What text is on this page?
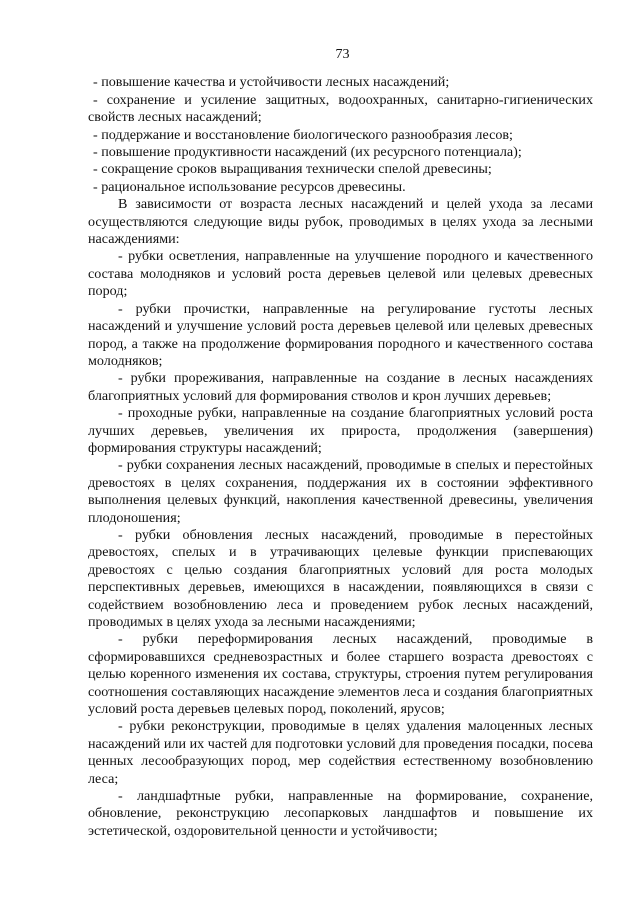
73

- повышение качества и устойчивости лесных насаждений;

- сохранение и усиление защитных, водоохранных, санитарно-гигиенических свойств лесных насаждений;

- поддержание и восстановление биологического разнообразия лесов;

- повышение продуктивности насаждений (их ресурсного потенциала);

- сокращение сроков выращивания технически спелой древесины;

- рациональное использование ресурсов древесины.

В зависимости от возраста лесных насаждений и целей ухода за лесами осуществляются следующие виды рубок, проводимых в целях ухода за лесными насаждениями:

- рубки осветления, направленные на улучшение породного и качественного состава молодняков и условий роста деревьев целевой или целевых древесных пород;

- рубки прочистки, направленные на регулирование густоты лесных насаждений и улучшение условий роста деревьев целевой или целевых древесных пород, а также на продолжение формирования породного и качественного состава молодняков;

- рубки прореживания, направленные на создание в лесных насаждениях благоприятных условий для формирования стволов и крон лучших деревьев;

- проходные рубки, направленные на создание благоприятных условий роста лучших деревьев, увеличения их прироста, продолжения (завершения) формирования структуры насаждений;

- рубки сохранения лесных насаждений, проводимые в спелых и перестойных древостоях в целях сохранения, поддержания их в состоянии эффективного выполнения целевых функций, накопления качественной древесины, увеличения плодоношения;

- рубки обновления лесных насаждений, проводимые в перестойных древостоях, спелых и в утрачивающих целевые функции приспевающих древостоях с целью создания благоприятных условий для роста молодых перспективных деревьев, имеющихся в насаждении, появляющихся в связи с содействием возобновлению леса и проведением рубок лесных насаждений, проводимых в целях ухода за лесными насаждениями;

- рубки переформирования лесных насаждений, проводимые в сформировавшихся средневозрастных и более старшего возраста древостоях с целью коренного изменения их состава, структуры, строения путем регулирования соотношения составляющих насаждение элементов леса и создания благоприятных условий роста деревьев целевых пород, поколений, ярусов;

- рубки реконструкции, проводимые в целях удаления малоценных лесных насаждений или их частей для подготовки условий для проведения посадки, посева ценных лесообразующих пород, мер содействия естественному возобновлению леса;

- ландшафтные рубки, направленные на формирование, сохранение, обновление, реконструкцию лесопарковых ландшафтов и повышение их эстетической, оздоровительной ценности и устойчивости;
